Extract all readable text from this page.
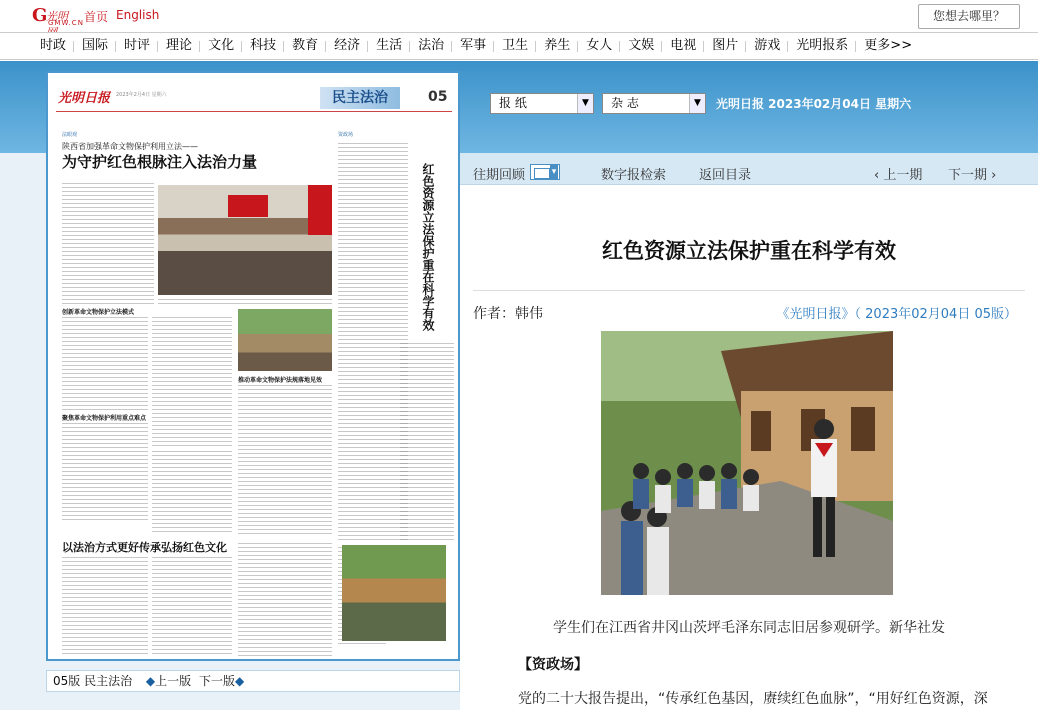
G
光明
GMW.CN 首页 English	您想去哪里？
时政	国际	时评	理论	文化	科技	教育	经济	生活	法治	军事	卫生	养生	女人	文娱	电视	图片	游戏	光明报系	更多>>
报 纸	▼	杂 志	▼	光明日报 2023年02月04日 星期六
往期回顾
▾	数字报检索	返回目录	‹ 上一期 下一期 ›
光明日报 2023年2月4日 星期六	民主法治	05
法眼观
陕西省加强革命文物保护利用立法——
为守护红色根脉注入法治力量
创新革命文物保护立法模式
推动革命文物保护法规落地见效
聚焦革命文物保护利用重点难点
以法治方式更好传承弘扬红色文化
资政场
红色资源立法保护重在科学有效
05版 民主法治 ◆上一版 下一版◆
红色资源立法保护重在科学有效
作者：韩伟	《光明日报》（ 2023年02月04日 05版）
学生们在江西省井冈山茨坪毛泽东同志旧居参观研学。新华社发
【资政场】
党的二十大报告提出，“传承红色基因，赓续红色血脉”，“用好红色资源，深
